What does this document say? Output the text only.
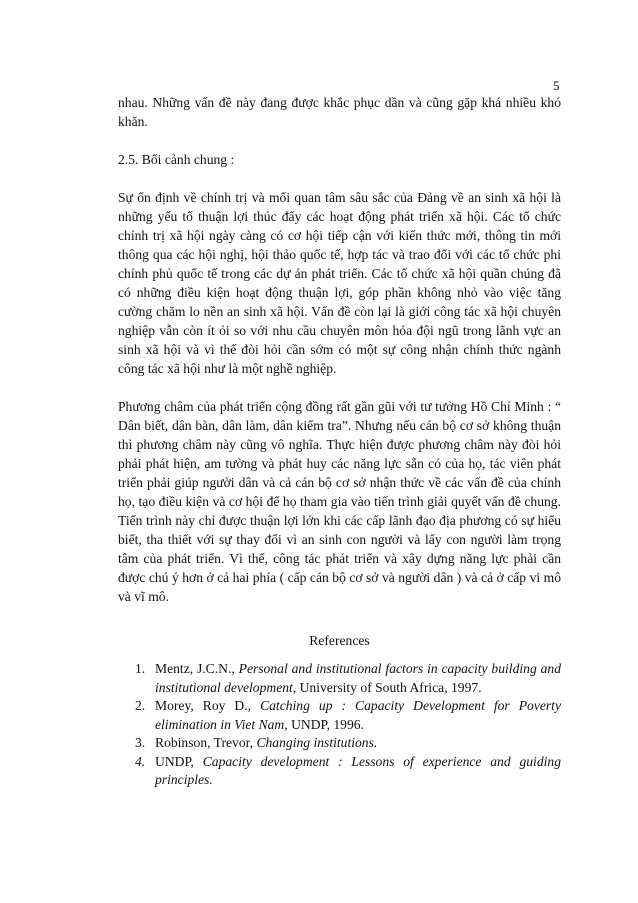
5

nhau. Những vấn đề này đang được khắc phục dần và cũng gặp khá nhiều khó khăn.

2.5. Bối cảnh chung :

Sự ổn định về chính trị và mối quan tâm sâu sắc của Đảng về an sinh xã hội là những yếu tố thuận lợi thúc đẩy các hoạt động phát triển xã hội. Các tổ chức chính trị xã hội ngày càng có cơ hội tiếp cận với kiến thức mới, thông tin mới thông qua các hội nghị, hội thảo quốc tế, hợp tác và trao đổi với các tổ chức phi chính phủ quốc tế trong các dự án phát triển. Các tổ chức xã hội quần chúng đã có những điều kiện hoạt động thuận lợi, góp phần không nhỏ vào việc tăng cường chăm lo nền an sinh xã hội. Vấn đề còn lại là giới công tác xã hội chuyên nghiệp vẫn còn ít ỏi so với nhu cầu chuyên môn hóa đội ngũ trong lãnh vực an sinh xã hội và vì thế đòi hỏi cần sớm có một sự công nhận chính thức ngành công tác xã hội như là một nghề nghiệp.

Phương châm của phát triển cộng đồng rất gần gũi với tư tưởng Hồ Chí Minh : “ Dân biết, dân bàn, dân làm, dân kiểm tra”. Nhưng nếu cán bộ cơ sở không thuận thì phương châm này cũng vô nghĩa. Thực hiện được phương châm này đòi hỏi phải phát hiện, am tường và phát huy các năng lực sẵn có của họ, tác viên phát triển phải giúp người dân và cả cán bộ cơ sở nhận thức về các vấn đề của chính họ, tạo điều kiện và cơ hội để họ tham gia vào tiến trình giải quyết vấn đề chung. Tiến trình này chỉ được thuận lợi lớn khi các cấp lãnh đạo địa phương có sự hiểu biết, tha thiết với sự thay đổi vì an sinh con người và lấy con người làm trọng tâm của phát triển. Vì thế, công tác phát triển và xây dựng năng lực phải cần được chú ý hơn ở cả hai phía ( cấp cán bộ cơ sở và người dân ) và cả ở cấp vi mô và vĩ mô.

References

1. Mentz, J.C.N., Personal and institutional factors in capacity building and institutional development, University of South Africa, 1997.
2. Morey, Roy D., Catching up : Capacity Development for Poverty elimination in Viet Nam, UNDP, 1996.
3. Robinson, Trevor, Changing institutions.
4. UNDP, Capacity development : Lessons of experience and guiding principles.
